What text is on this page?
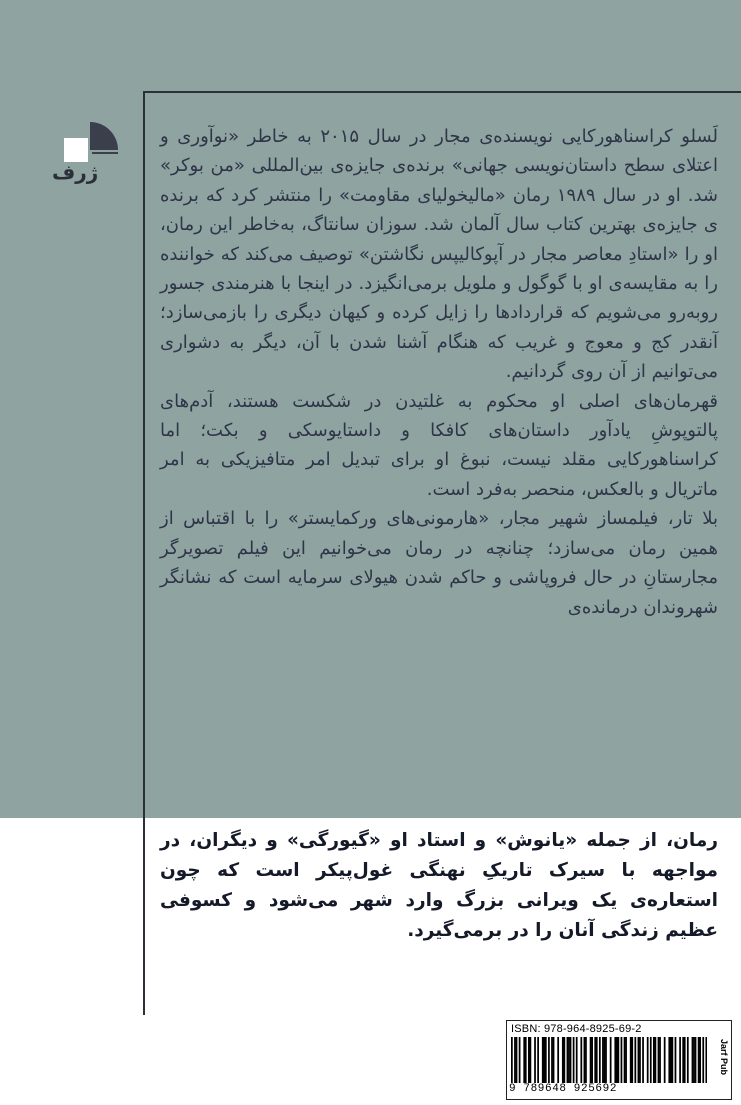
ژرف

لَسلو کراسناهورکایی نویسنده‌ی مجار در سال ۲۰۱۵ به خاطر «نوآوری و اعتلای سطح داستان‌نویسی جهانی» برنده‌ی جایزه‌ی بین‌المللی «من بوکر» شد. او در سال ۱۹۸۹ رمان «مالیخولیای مقاومت» را منتشر کرد که برنده ی جایزه‌ی بهترین کتاب سال آلمان شد. سوزان سانتاگ، به‌خاطر این رمان، او را «استادِ معاصر مجار در آپوکالیپس نگاشتن» توصیف می‌کند که خواننده را به مقایسه‌ی او با گوگول و ملویل برمی‌انگیزد. در اینجا با هنرمندی جسور روبه‌رو می‌شویم که قراردادها را زایل کرده و کیهان دیگری را بازمی‌سازد؛ آنقدر کج و معوج و غریب که هنگام آشنا شدن با آن، دیگر به دشواری می‌توانیم از آن روی گردانیم.

قهرمان‌های اصلی او محکوم به غلتیدن در شکست هستند، آدم‌های پالتوپوشِ یادآور داستان‌های کافکا و داستایوسکی و بکت؛ اما کراسناهورکایی مقلد نیست، نبوغ او برای تبدیل امر متافیزیکی به امر ماتریال و بالعکس، منحصر به‌فرد است.

بلا تار، فیلمساز شهیر مجار، «هارمونی‌های ورکمایستر» را با اقتباس از همین رمان می‌سازد؛ چنانچه در رمان می‌خوانیم این فیلم تصویرگر مجارستانِ در حال فروپاشی و حاکم شدن هیولای سرمایه است که نشانگر شهروندان درمانده‌ی

رمان، از جمله «یانوش» و استاد او «گیورگی» و دیگران، در مواجهه با سیرک تاریکِ نهنگی غول‌پیکر است که چون استعاره‌ی یک ویرانی بزرگ وارد شهر می‌شود و کسوفی عظیم زندگی آنان را در برمی‌گیرد.

ISBN: 978-964-8925-69-2
9 789648 925692
Jarf Pub
